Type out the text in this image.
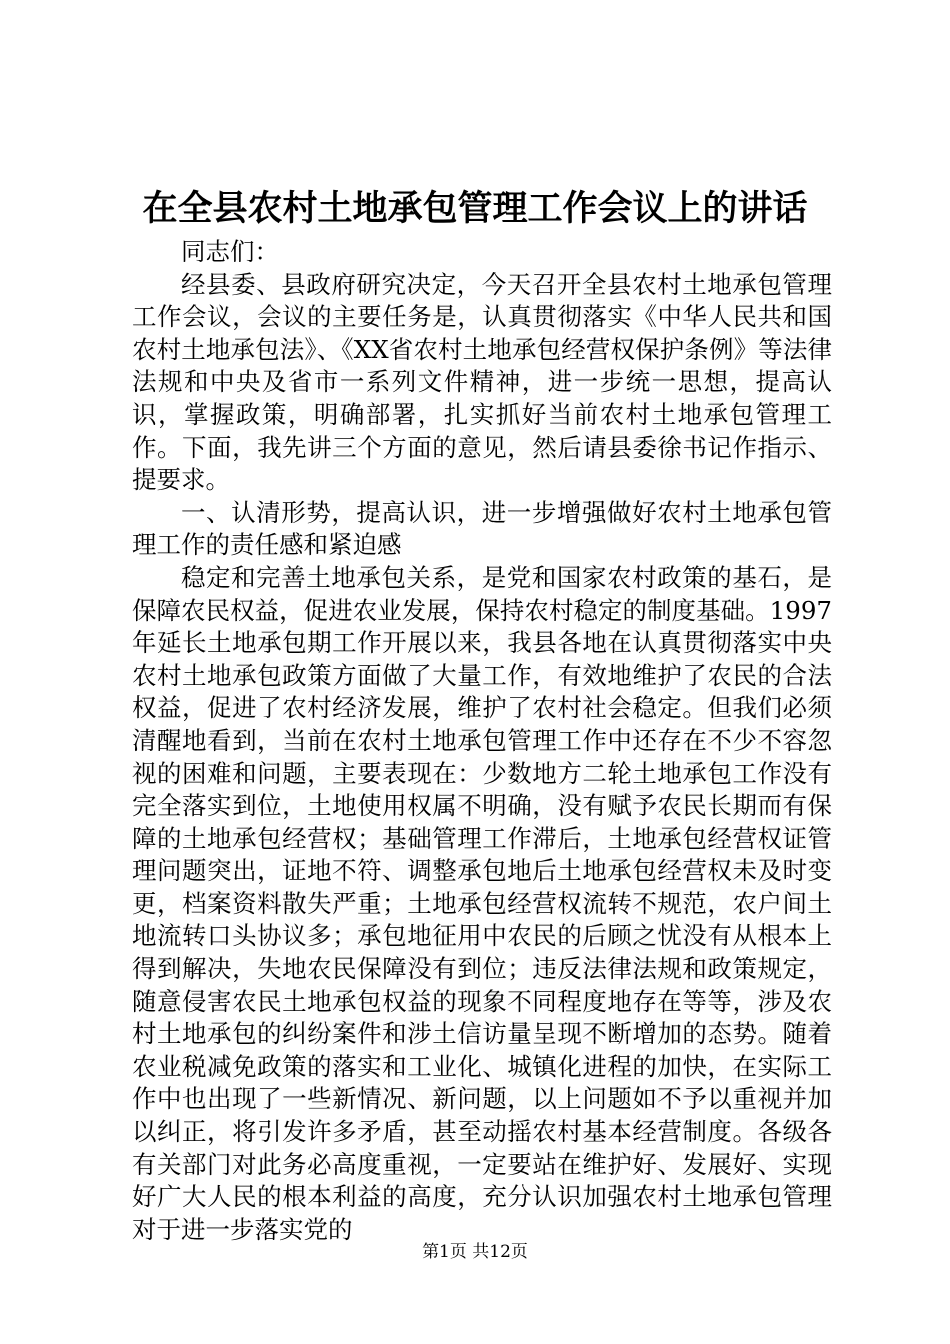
在全县农村土地承包管理工作会议上的讲话

同志们：

经县委、县政府研究决定，今天召开全县农村土地承包管理工作会议，会议的主要任务是，认真贯彻落实《中华人民共和国农村土地承包法》、《XX省农村土地承包经营权保护条例》等法律法规和中央及省市一系列文件精神，进一步统一思想，提高认识，掌握政策，明确部署，扎实抓好当前农村土地承包管理工作。下面，我先讲三个方面的意见，然后请县委徐书记作指示、提要求。

一、认清形势，提高认识，进一步增强做好农村土地承包管理工作的责任感和紧迫感

稳定和完善土地承包关系，是党和国家农村政策的基石，是保障农民权益，促进农业发展，保持农村稳定的制度基础。1997年延长土地承包期工作开展以来，我县各地在认真贯彻落实中央农村土地承包政策方面做了大量工作，有效地维护了农民的合法权益，促进了农村经济发展，维护了农村社会稳定。但我们必须清醒地看到，当前在农村土地承包管理工作中还存在不少不容忽视的困难和问题，主要表现在：少数地方二轮土地承包工作没有完全落实到位，土地使用权属不明确，没有赋予农民长期而有保障的土地承包经营权；基础管理工作滞后，土地承包经营权证管理问题突出，证地不符、调整承包地后土地承包经营权未及时变更，档案资料散失严重；土地承包经营权流转不规范，农户间土地流转口头协议多；承包地征用中农民的后顾之忧没有从根本上得到解决，失地农民保障没有到位；违反法律法规和政策规定，随意侵害农民土地承包权益的现象不同程度地存在等等，涉及农村土地承包的纠纷案件和涉土信访量呈现不断增加的态势。随着农业税减免政策的落实和工业化、城镇化进程的加快，在实际工作中也出现了一些新情况、新问题，以上问题如不予以重视并加以纠正，将引发许多矛盾，甚至动摇农村基本经营制度。各级各有关部门对此务必高度重视，一定要站在维护好、发展好、实现好广大人民的根本利益的高度，充分认识加强农村土地承包管理对于进一步落实党的

第1页 共12页
